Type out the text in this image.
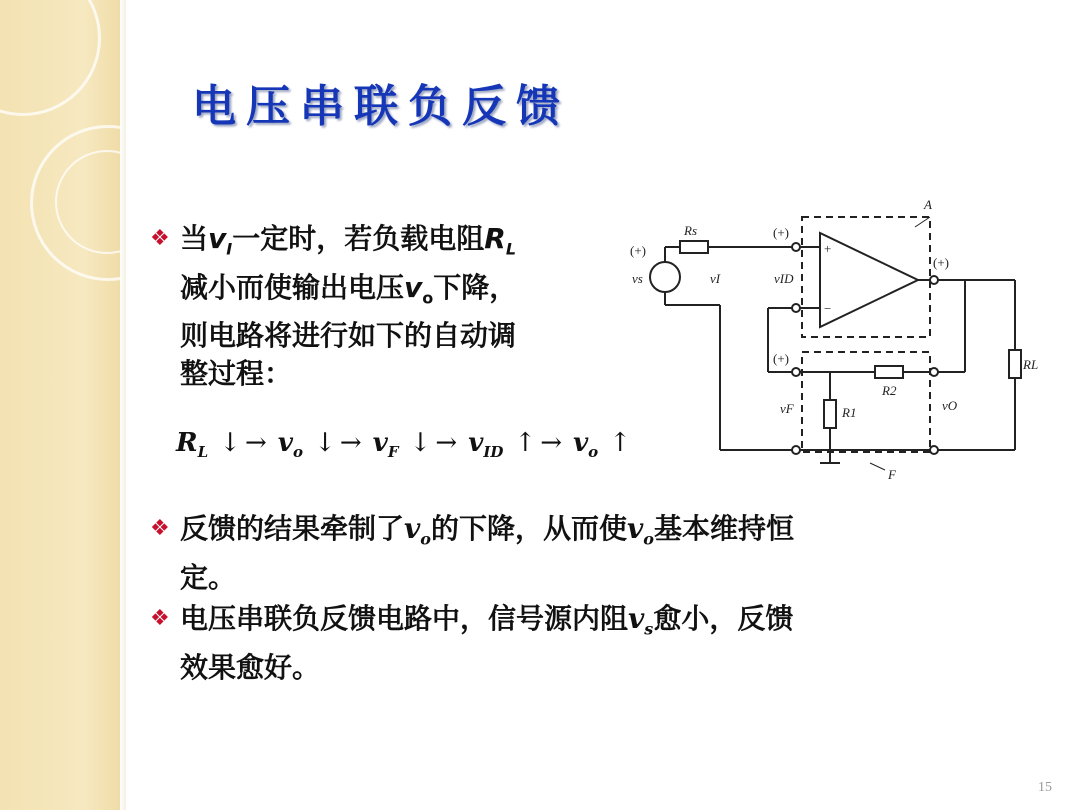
电压串联负反馈
❖ 当$v_I$一定时，若负载电阻$R_L$
减小而使输出电压$v_o$下降，
则电路将进行如下的自动调
整过程：
$R_L$ ↓ → $v_o$ ↓ → $v_F$ ↓ → $v_{ID}$ ↑ → $v_o$ ↑
A
F
Rs
vs	vI	vID
vF	vO
R1
R2
RL
(+)
(+)
(+)
(+)
+
−
❖ 反馈的结果牵制了$v_o$的下降，从而使$v_o$基本维持恒
定。
❖ 电压串联负反馈电路中，信号源内阻$v_s$愈小，反馈
效果愈好。
15
